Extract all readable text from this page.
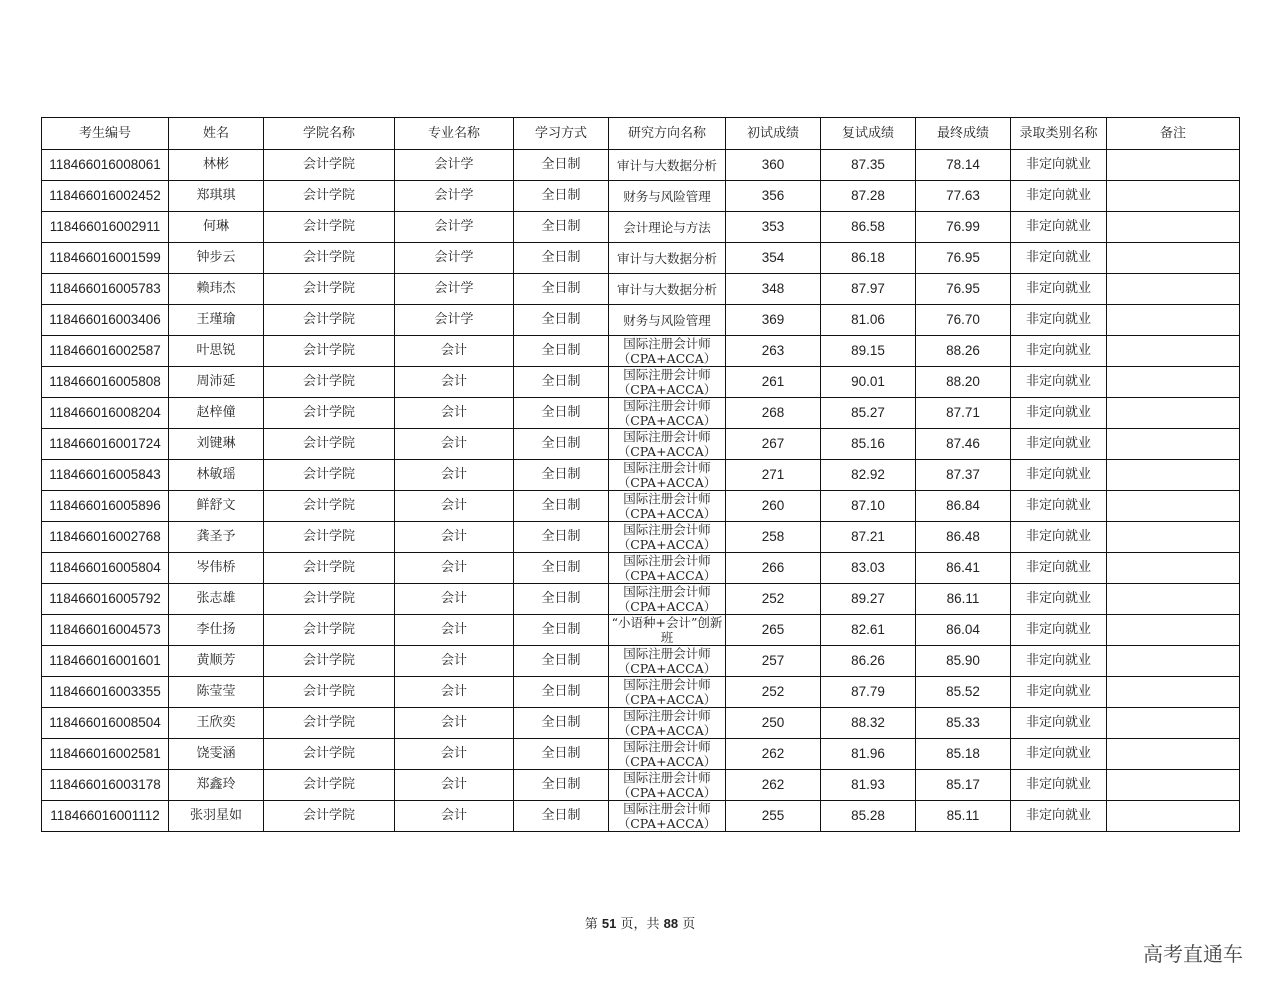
考生编号	姓名	学院名称	专业名称	学习方式	研究方向名称	初试成绩	复试成绩	最终成绩	录取类别名称	备注
118466016008061	林彬	会计学院	会计学	全日制	审计与大数据分析	360	87.35	78.14	非定向就业	
118466016002452	郑琪琪	会计学院	会计学	全日制	财务与风险管理	356	87.28	77.63	非定向就业	
118466016002911	何琳	会计学院	会计学	全日制	会计理论与方法	353	86.58	76.99	非定向就业	
118466016001599	钟步云	会计学院	会计学	全日制	审计与大数据分析	354	86.18	76.95	非定向就业	
118466016005783	赖玮杰	会计学院	会计学	全日制	审计与大数据分析	348	87.97	76.95	非定向就业	
118466016003406	王瑾瑜	会计学院	会计学	全日制	财务与风险管理	369	81.06	76.70	非定向就业	
118466016002587	叶思锐	会计学院	会计	全日制	国际注册会计师（CPA+ACCA）	263	89.15	88.26	非定向就业	
118466016005808	周沛延	会计学院	会计	全日制	国际注册会计师（CPA+ACCA）	261	90.01	88.20	非定向就业	
118466016008204	赵梓僮	会计学院	会计	全日制	国际注册会计师（CPA+ACCA）	268	85.27	87.71	非定向就业	
118466016001724	刘键琳	会计学院	会计	全日制	国际注册会计师（CPA+ACCA）	267	85.16	87.46	非定向就业	
118466016005843	林敏瑶	会计学院	会计	全日制	国际注册会计师（CPA+ACCA）	271	82.92	87.37	非定向就业	
118466016005896	鲜舒文	会计学院	会计	全日制	国际注册会计师（CPA+ACCA）	260	87.10	86.84	非定向就业	
118466016002768	龚圣予	会计学院	会计	全日制	国际注册会计师（CPA+ACCA）	258	87.21	86.48	非定向就业	
118466016005804	岑伟桥	会计学院	会计	全日制	国际注册会计师（CPA+ACCA）	266	83.03	86.41	非定向就业	
118466016005792	张志雄	会计学院	会计	全日制	国际注册会计师（CPA+ACCA）	252	89.27	86.11	非定向就业	
118466016004573	李仕扬	会计学院	会计	全日制	“小语种+会计”创新班	265	82.61	86.04	非定向就业	
118466016001601	黄顺芳	会计学院	会计	全日制	国际注册会计师（CPA+ACCA）	257	86.26	85.90	非定向就业	
118466016003355	陈莹莹	会计学院	会计	全日制	国际注册会计师（CPA+ACCA）	252	87.79	85.52	非定向就业	
118466016008504	王欣奕	会计学院	会计	全日制	国际注册会计师（CPA+ACCA）	250	88.32	85.33	非定向就业	
118466016002581	饶雯涵	会计学院	会计	全日制	国际注册会计师（CPA+ACCA）	262	81.96	85.18	非定向就业	
118466016003178	郑鑫玲	会计学院	会计	全日制	国际注册会计师（CPA+ACCA）	262	81.93	85.17	非定向就业	
118466016001112	张羽星如	会计学院	会计	全日制	国际注册会计师（CPA+ACCA）	255	85.28	85.11	非定向就业	
第 51 页，共 88 页
高考直通车
